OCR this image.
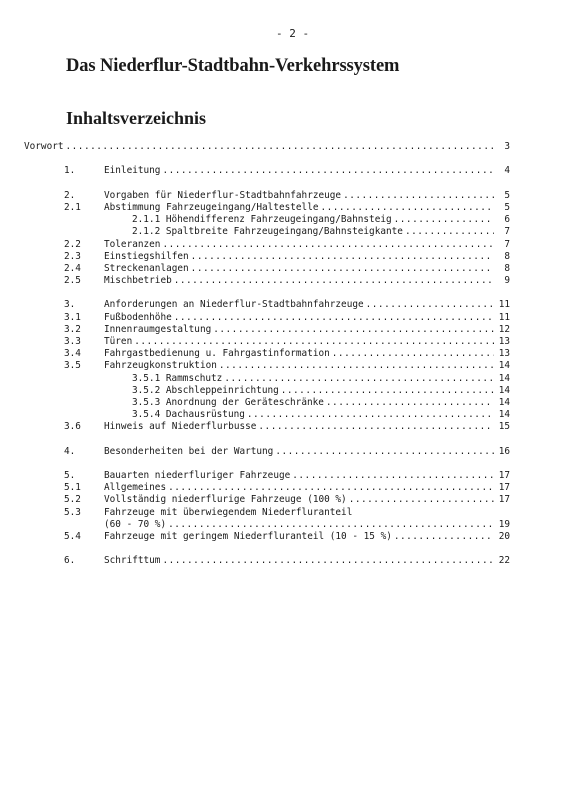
- 2 -
Das Niederflur-Stadtbahn-Verkehrssystem
Inhaltsverzeichnis
Vorwort .....	3
1.	Einleitung .....	4
2.	Vorgaben für Niederflur-Stadtbahnfahrzeuge .....	5
2.1	Abstimmung Fahrzeugeingang/Haltestelle .....	5
2.1.1 Höhendifferenz Fahrzeugeingang/Bahnsteig .....	6
2.1.2 Spaltbreite Fahrzeugeingang/Bahnsteigkante .....	7
2.2	Toleranzen .....	7
2.3	Einstiegshilfen .....	8
2.4	Streckenanlagen .....	8
2.5	Mischbetrieb .....	9
3.	Anforderungen an Niederflur-Stadtbahnfahrzeuge .....	11
3.1	Fußbodenhöhe .....	11
3.2	Innenraumgestaltung .....	12
3.3	Türen .....	13
3.4	Fahrgastbedienung u. Fahrgastinformation .....	13
3.5	Fahrzeugkonstruktion .....	14
3.5.1 Rammschutz .....	14
3.5.2 Abschleppeinrichtung .....	14
3.5.3 Anordnung der Geräteschränke .....	14
3.5.4 Dachausrüstung .....	14
3.6	Hinweis auf Niederflurbusse .....	15
4.	Besonderheiten bei der Wartung .....	16
5.	Bauarten niederfluriger Fahrzeuge .....	17
5.1	Allgemeines .....	17
5.2	Vollständig niederflurige Fahrzeuge (100 %) .....	17
5.3	Fahrzeuge mit überwiegendem Niederfluranteil
(60 - 70 %) .....	19
5.4	Fahrzeuge mit geringem Niederfluranteil (10 - 15 %) .....	20
6.	Schrifttum .....	22
